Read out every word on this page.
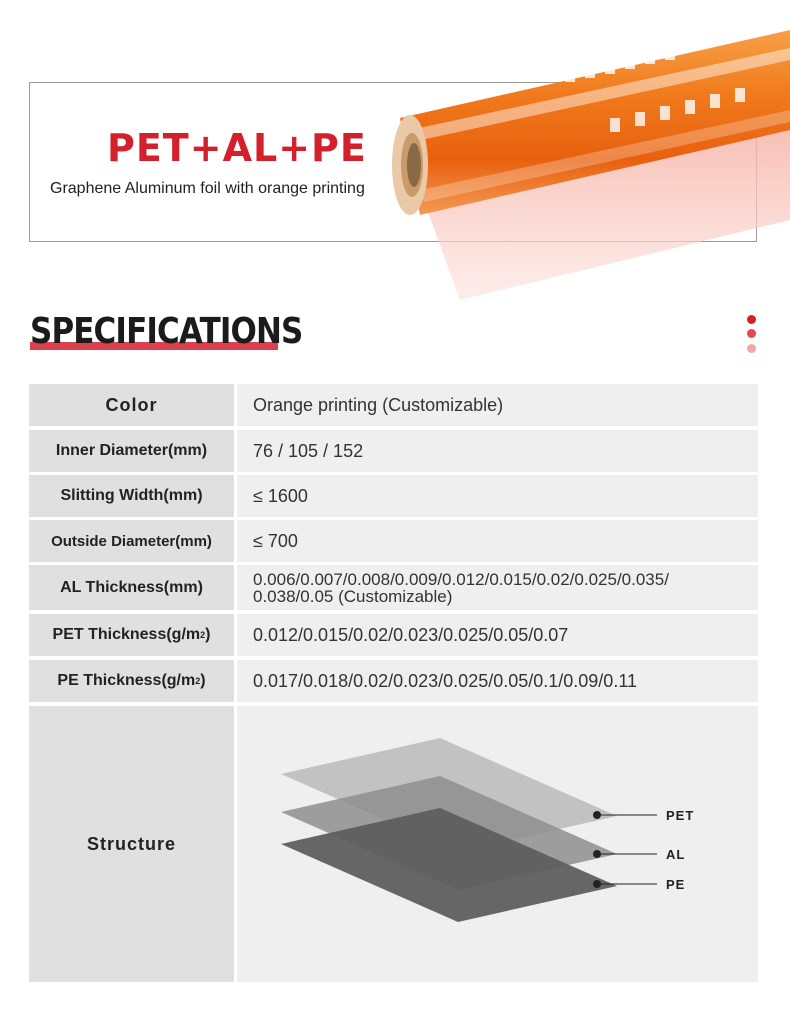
PET+AL+PE
Graphene Aluminum foil with orange printing
SPECIFICATIONS
Color	Orange printing (Customizable)
Inner Diameter(mm)	76 / 105 / 152
Slitting Width(mm)	≤ 1600
Outside Diameter(mm)	≤ 700
AL Thickness(mm)	0.006/0.007/0.008/0.009/0.012/0.015/0.02/0.025/0.035/
0.038/0.05 (Customizable)
PET Thickness(g/m 2 )	0.012/0.015/0.02/0.023/0.025/0.05/0.07
PE Thickness(g/m 2 )	0.017/0.018/0.02/0.023/0.025/0.05/0.1/0.09/0.11
Structure
PET
AL
PE
